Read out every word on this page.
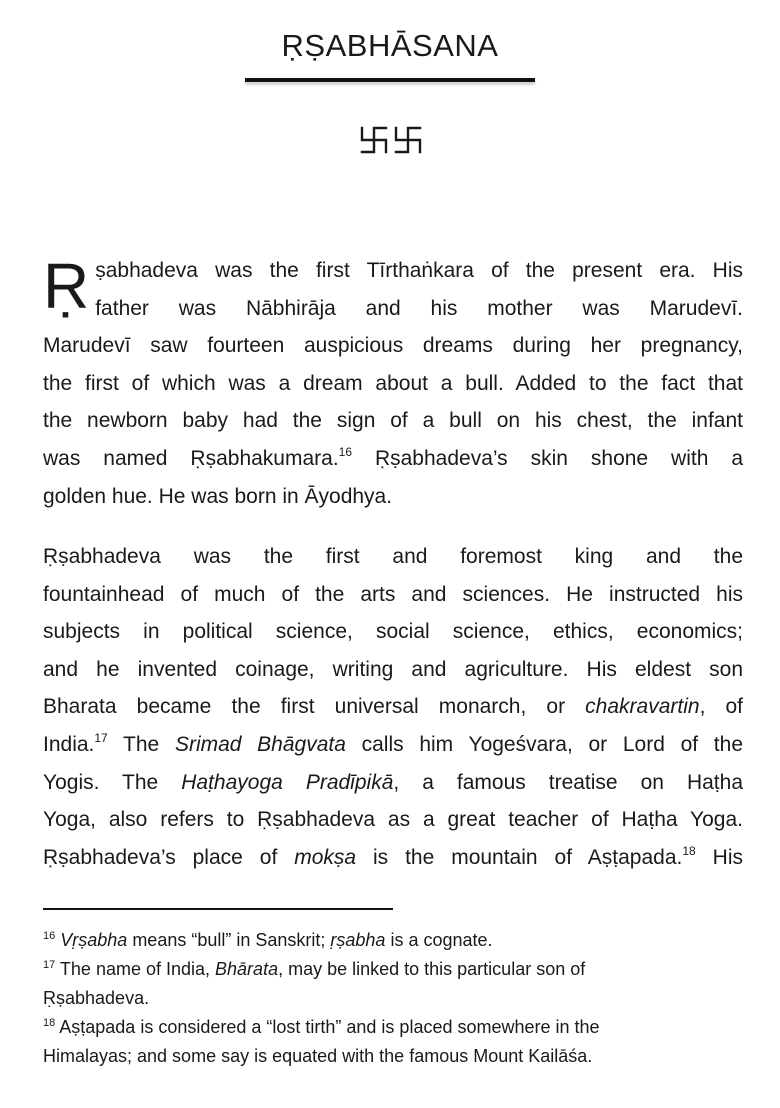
ṚṢABHĀSANA
Ṛ ṣabhadeva was the first Tīrthaṅkara of the present era. His
father was Nābhirāja and his mother was Marudevī.
Marudevī saw fourteen auspicious dreams during her pregnancy,
the first of which was a dream about a bull. Added to the fact that
the newborn baby had the sign of a bull on his chest, the infant
was named Ṛṣabhakumara.$^{16}$ Ṛṣabhadeva’s skin shone with a
golden hue. He was born in Āyodhya.
Ṛṣabhadeva was the first and foremost king and the
fountainhead of much of the arts and sciences. He instructed his
subjects in political science, social science, ethics, economics;
and he invented coinage, writing and agriculture. His eldest son
Bharata became the first universal monarch, or chakravartin, of
India.$^{17}$ The Srimad Bhāgvata calls him Yogeśvara, or Lord of the
Yogis. The Haṭhayoga Pradīpikā, a famous treatise on Haṭha
Yoga, also refers to Ṛṣabhadeva as a great teacher of Haṭha Yoga.
Ṛṣabhadeva’s place of mokṣa is the mountain of Aṣṭapada.$^{18}$ His
$^{16}$ Vṛṣabha means “bull” in Sanskrit; ṛṣabha is a cognate.
$^{17}$ The name of India, Bhārata, may be linked to this particular son of
Ṛṣabhadeva.
$^{18}$ Aṣṭapada is considered a “lost tirth” and is placed somewhere in the
Himalayas; and some say is equated with the famous Mount Kailāśa.
